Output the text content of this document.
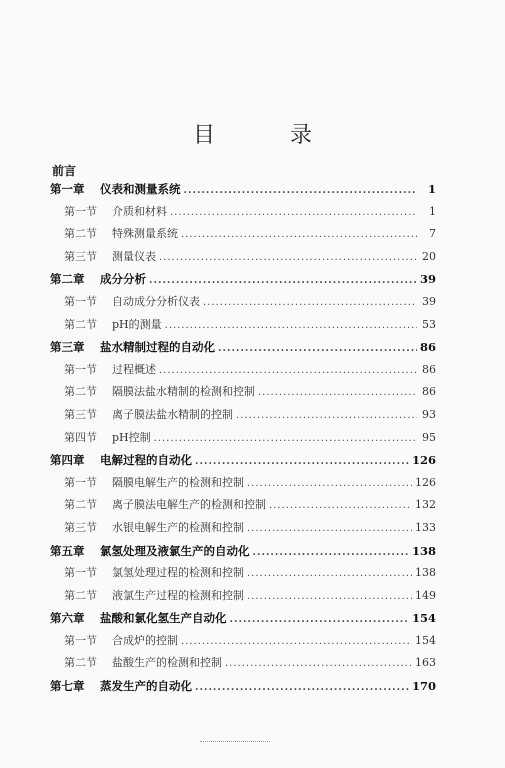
目 录
前言
第一章	仪表和测量系统 .....	1
第一节	介质和材料 .....	1
第二节	特殊测量系统 .....	7
第三节	测量仪表 .....	20
第二章	成分分析 .....	39
第一节	自动成分分析仪表 .....	39
第二节	pH的测量 .....	53
第三章	盐水精制过程的自动化 .....	86
第一节	过程概述 .....	86
第二节	隔膜法盐水精制的检测和控制 .....	86
第三节	离子膜法盐水精制的控制 .....	93
第四节	pH控制 .....	95
第四章	电解过程的自动化 .....	126
第一节	隔膜电解生产的检测和控制 .....	126
第二节	离子膜法电解生产的检测和控制 .....	132
第三节	水银电解生产的检测和控制 .....	133
第五章	氯氢处理及液氯生产的自动化 .....	138
第一节	氯氢处理过程的检测和控制 .....	138
第二节	液氯生产过程的检测和控制 .....	149
第六章	盐酸和氯化氢生产自动化 .....	154
第一节	合成炉的控制 .....	154
第二节	盐酸生产的检测和控制 .....	163
第七章	蒸发生产的自动化 .....	170
